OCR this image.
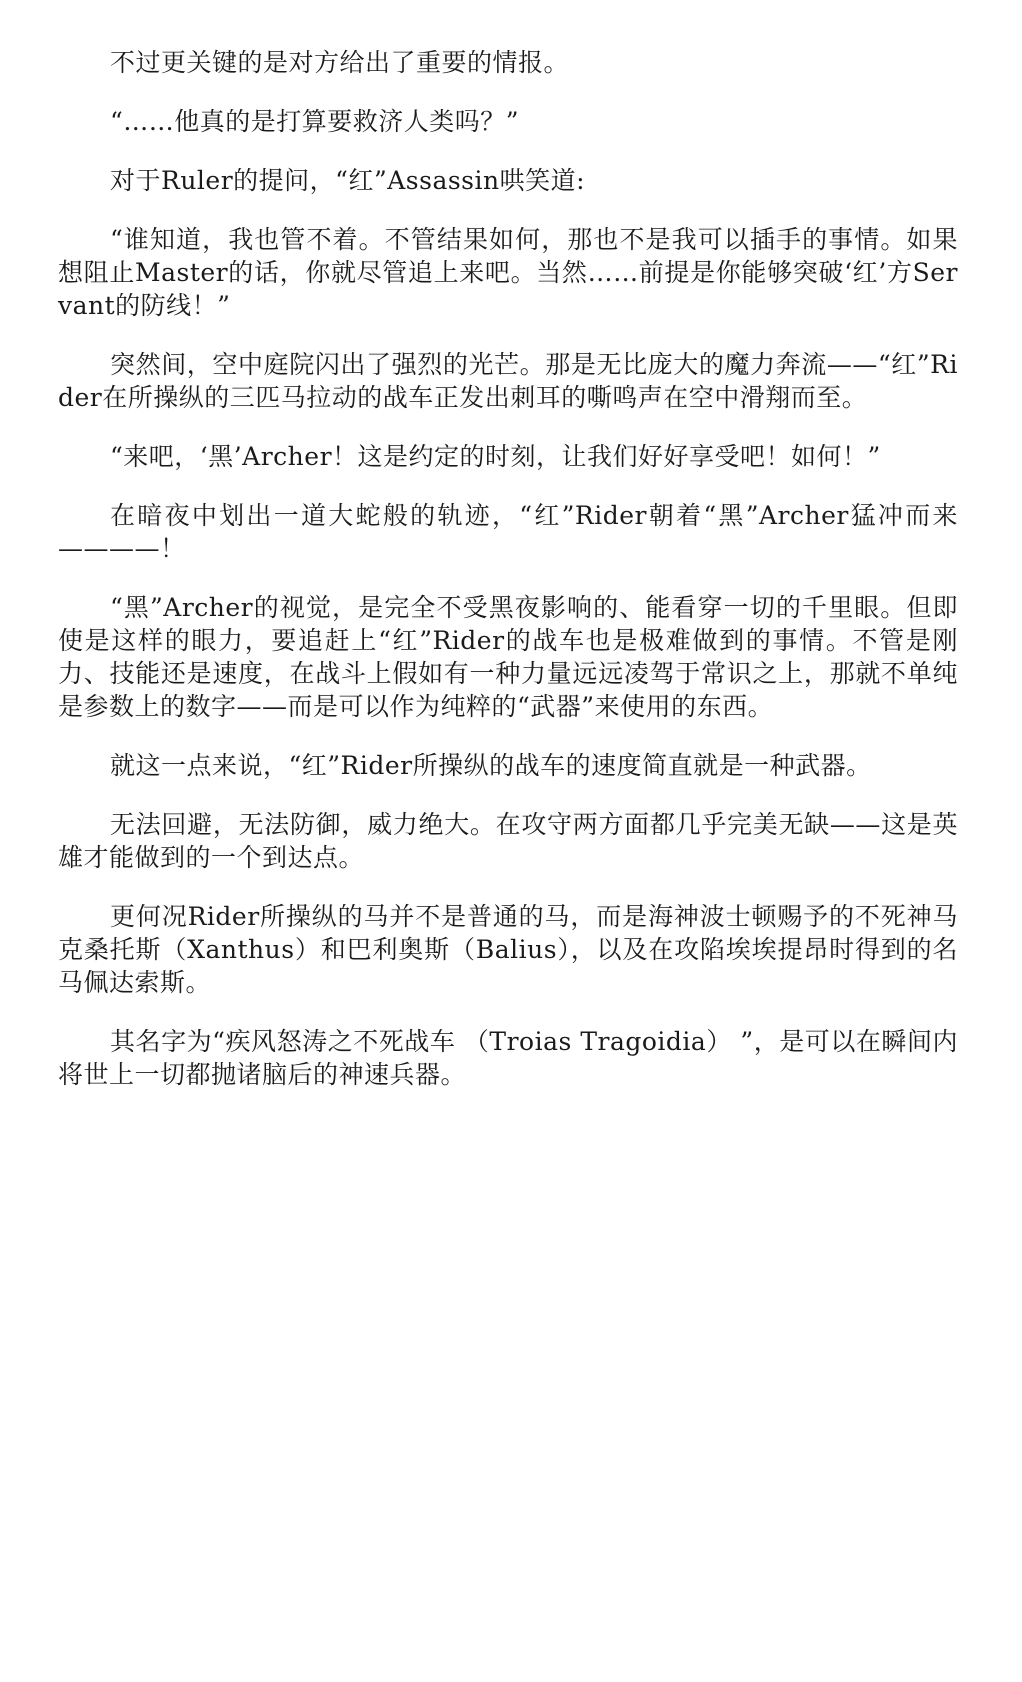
不过更关键的是对方给出了重要的情报。

“……他真的是打算要救济人类吗？”

对于Ruler的提问，“红”Assassin哄笑道:

“谁知道，我也管不着。不管结果如何，那也不是我可以插手的事情。如果想阻止Master的话，你就尽管追上来吧。当然……前提是你能够突破‘红’方Servant的防线！”

突然间，空中庭院闪出了强烈的光芒。那是无比庞大的魔力奔流——“红”Rider在所操纵的三匹马拉动的战车正发出刺耳的嘶鸣声在空中滑翔而至。

“来吧，‘黑’Archer！这是约定的时刻，让我们好好享受吧！如何！”

在暗夜中划出一道大蛇般的轨迹，“红”Rider朝着“黑”Archer猛冲而来————！

“黑”Archer的视觉，是完全不受黑夜影响的、能看穿一切的千里眼。但即使是这样的眼力，要追赶上“红”Rider的战车也是极难做到的事情。不管是刚力、技能还是速度，在战斗上假如有一种力量远远凌驾于常识之上，那就不单纯是参数上的数字——而是可以作为纯粹的“武器”来使用的东西。

就这一点来说，“红”Rider所操纵的战车的速度简直就是一种武器。

无法回避，无法防御，威力绝大。在攻守两方面都几乎完美无缺——这是英雄才能做到的一个到达点。

更何况Rider所操纵的马并不是普通的马，而是海神波士顿赐予的不死神马克桑托斯（Xanthus）和巴利奥斯（Balius），以及在攻陷埃埃提昂时得到的名马佩达索斯。

其名字为“疾风怒涛之不死战车 （Troias Tragoidia） ”，是可以在瞬间内将世上一切都抛诸脑后的神速兵器。
